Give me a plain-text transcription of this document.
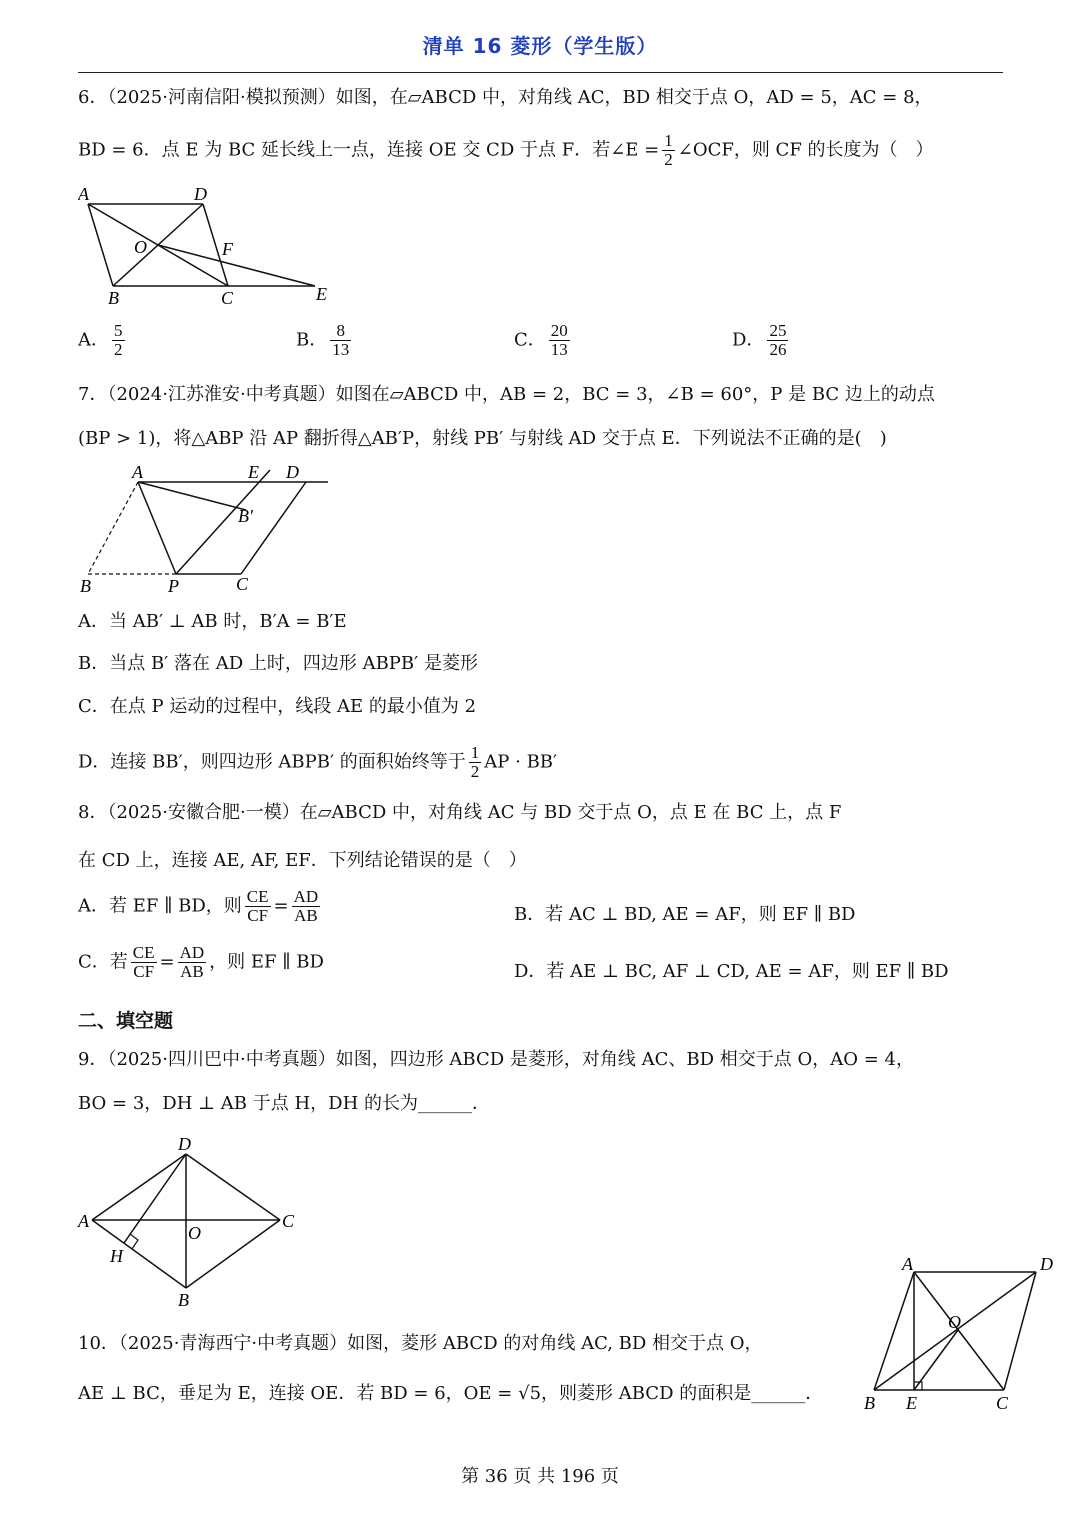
清单 16 菱形（学生版）
6．（2025·河南信阳·模拟预测）如图，在▱ABCD 中，对角线 AC，BD 相交于点 O，AD = 5，AC = 8，
BD = 6．点 E 为 BC 延长线上一点，连接 OE 交 CD 于点 F．若∠E = $\frac{1}{2}$ ∠OCF，则 CF 的长度为（　）
A	D
O	F
B	C	E
A． $\frac{5}{2}$	B． $\frac{8}{13}$	C． $\frac{20}{13}$	D． $\frac{25}{26}$
7．（2024·江苏淮安·中考真题）如图在▱ABCD 中，AB = 2，BC = 3，∠B = 60°，P 是 BC 边上的动点
(BP > 1)，将△ABP 沿 AP 翻折得△AB′P，射线 PB′ 与射线 AD 交于点 E．下列说法不正确的是(　)
A	E D
B′
B	P	C
A．当 AB′ ⊥ AB 时，B′A = B′E
B．当点 B′ 落在 AD 上时，四边形 ABPB′ 是菱形
C．在点 P 运动的过程中，线段 AE 的最小值为 2
D．连接 BB′，则四边形 ABPB′ 的面积始终等于 $\frac{1}{2}$ AP · BB′
8．（2025·安徽合肥·一模）在▱ABCD 中，对角线 AC 与 BD 交于点 O，点 E 在 BC 上，点 F
在 CD 上，连接 AE, AF, EF．下列结论错误的是（　）
A．若 EF ∥ BD，则 $\frac{CE}{CF} = \frac{AD}{AB}$	B．若 AC ⊥ BD, AE = AF，则 EF ∥ BD
C．若 $\frac{CE}{CF} = \frac{AD}{AB}$ ，则 EF ∥ BD	D．若 AE ⊥ BC, AF ⊥ CD, AE = AF，则 EF ∥ BD
二、填空题
9．（2025·四川巴中·中考真题）如图，四边形 ABCD 是菱形，对角线 AC、BD 相交于点 O，AO = 4，
BO = 3，DH ⊥ AB 于点 H，DH 的长为______．
A
D
C
O
H
B
10．（2025·青海西宁·中考真题）如图，菱形 ABCD 的对角线 AC, BD 相交于点 O，
AE ⊥ BC，垂足为 E，连接 OE．若 BD = 6，OE = √5，则菱形 ABCD 的面积是______．
A	D
O
B E	C
第 36 页 共 196 页
